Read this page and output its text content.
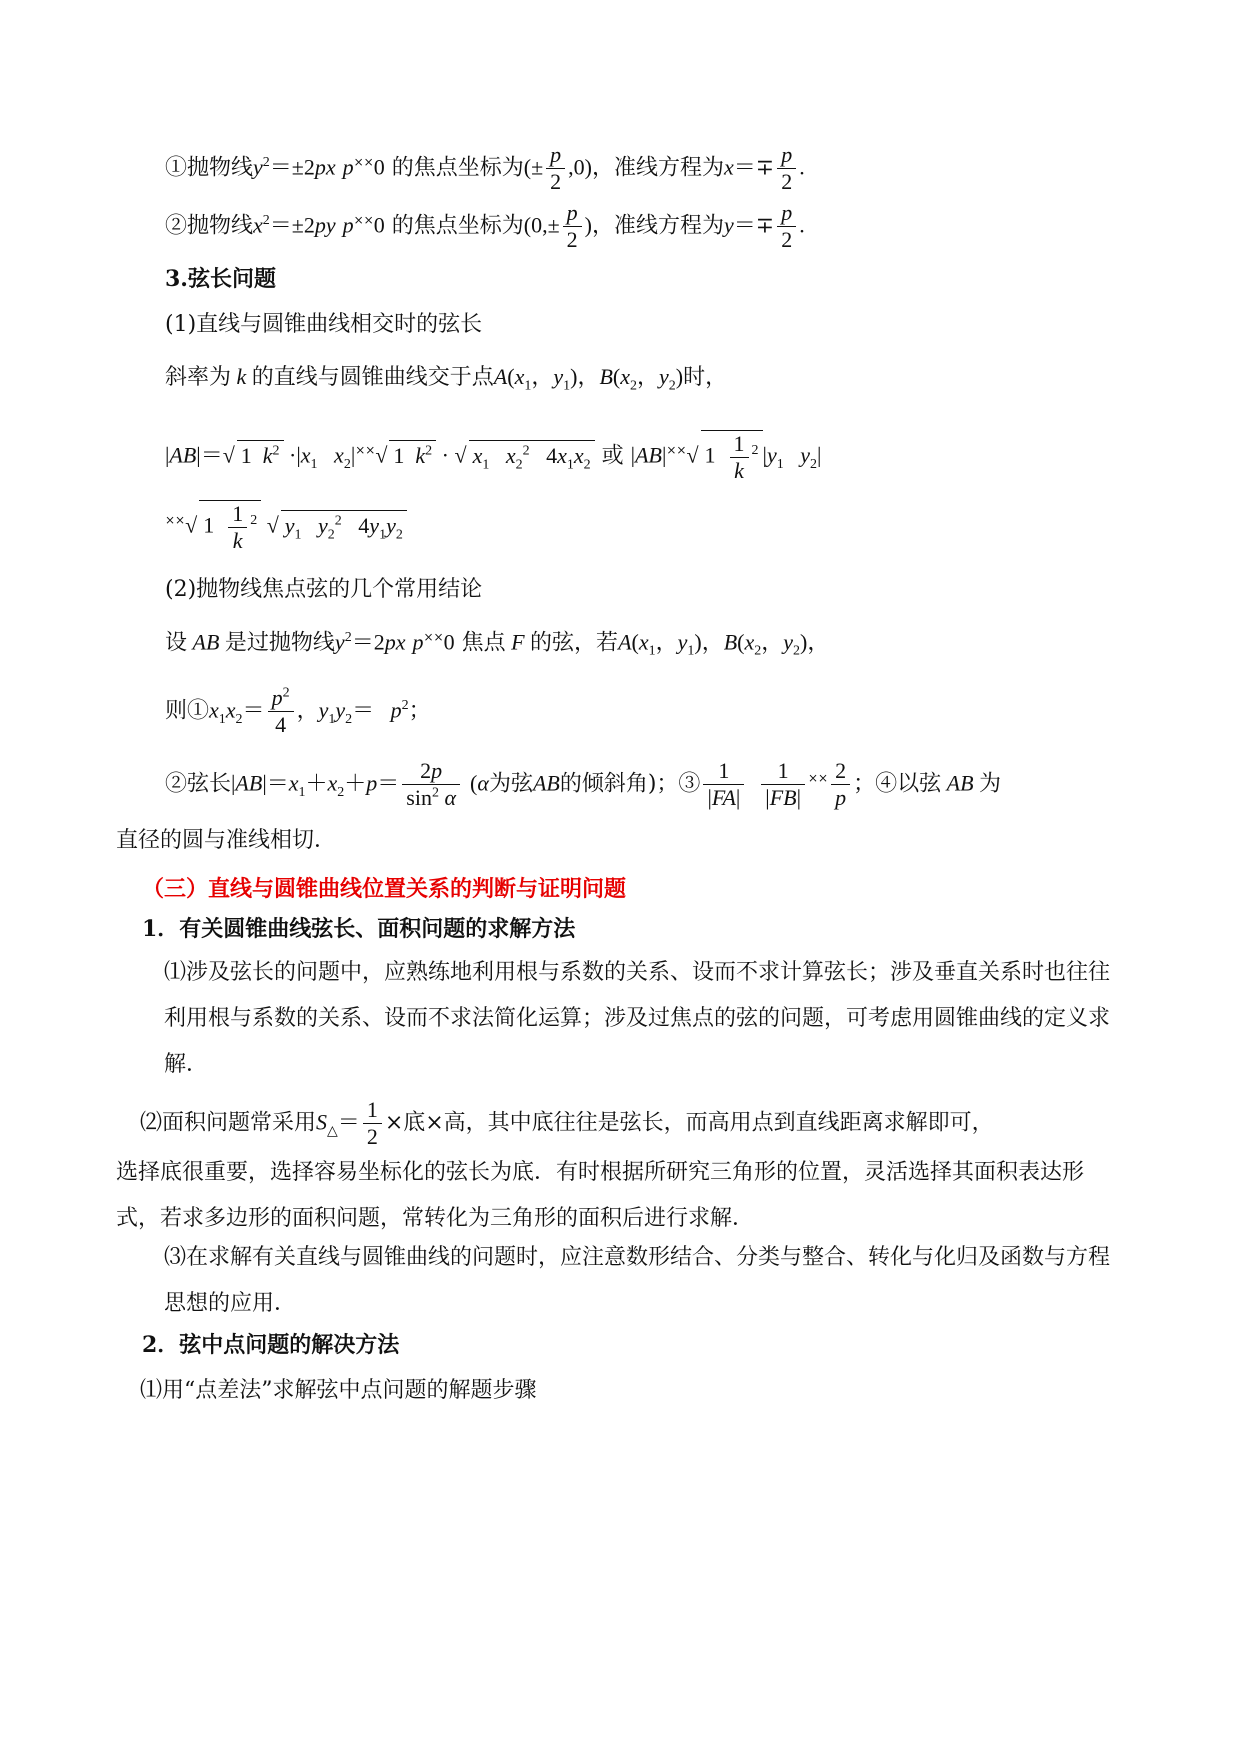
①抛物线$y^2=\pm 2px$ p××0 的焦点坐标为(± $\frac{p}{2} ,0$)，准线方程为$x=\mp \frac{p}{2}$ .
②抛物线$x^2=\pm 2py$ p××0 的焦点坐标为($0,\pm \frac{p}{2}$ )，准线方程为$y=\mp \frac{p}{2}$ .
3.弦长问题
(1)直线与圆锥曲线相交时的弦长
斜率为 k 的直线与圆锥曲线交于点$A(x_1$，$y_1$)，$B(x_2$，$y_2$)时，
|AB|＝√ 1  $k^2 \cdot|x_1$ $x_2|^{\times\times}√$ 1  $k^2$ · √ $x_1$ $x_2^2$   $4x_1x_2$ 或 |AB|××√ $1 \frac{1}{k} ^2$ $|y_1$ $y_2|$
××√ $1 \frac{1}{k} ^2$ √ $y_1$ $y_2^2$   $4y_1y_2$
(2)抛物线焦点弦的几个常用结论
设 AB 是过抛物线$y^2=2px$ p××0 焦点 F 的弦，若$A(x_1$，$y_1$)，$B(x_2$，$y_2$)，
则$①x_1x_2= \frac{p^2}{4}$ ，$y_1y_2= p^2$；
②弦长$|AB|=x_1+x_2+p= \frac{2p}{\sin^2 \alpha} (\alpha$为弦AB的倾斜角)；③ $\frac{1}{|FA|}$
$\frac{1}{|FB|} ^{\times\times} \frac{2}{p}$ ；④以弦 AB 为
直径的圆与准线相切．
（三）直线与圆锥曲线位置关系的判断与证明问题
1．有关圆锥曲线弦长、面积问题的求解方法
⑴涉及弦长的问题中，应熟练地利用根与系数的关系、设而不求计算弦长；涉及垂直关系时也往往利用根与系数的关系、设而不求法简化运算；涉及过焦点的弦的问题，可考虑用圆锥曲线的定义求解．
⑵面积问题常采用$S_\triangle= \frac{1}{2}$ ×底×高，其中底往往是弦长，而高用点到直线距离求解即可，
选择底很重要，选择容易坐标化的弦长为底．有时根据所研究三角形的位置，灵活选择其面积表达形式，若求多边形的面积问题，常转化为三角形的面积后进行求解．
⑶在求解有关直线与圆锥曲线的问题时，应注意数形结合、分类与整合、转化与化归及函数与方程思想的应用．
2．弦中点问题的解决方法
⑴用“点差法”求解弦中点问题的解题步骤
